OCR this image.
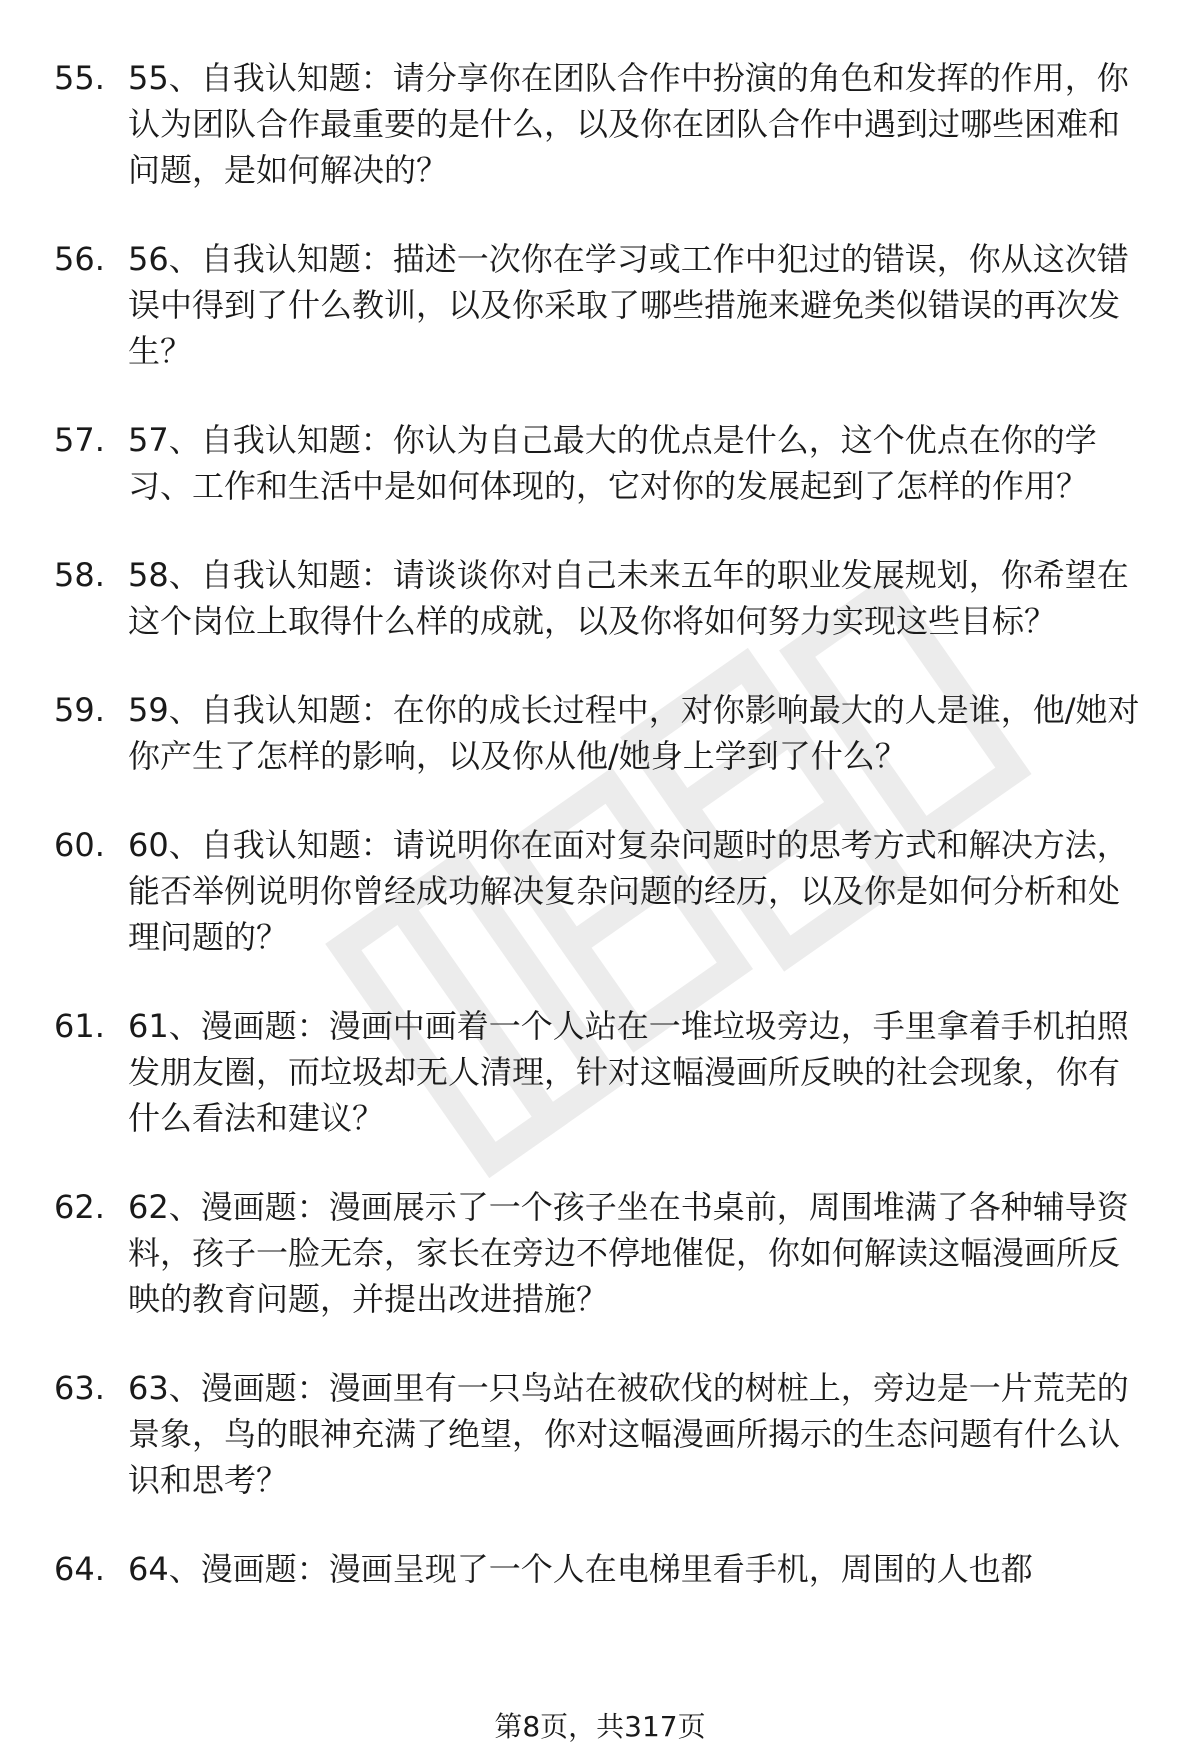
55. 55、自我认知题：请分享你在团队合作中扮演的角色和发挥的作用，你认为团队合作最重要的是什么，以及你在团队合作中遇到过哪些困难和问题，是如何解决的？
56. 56、自我认知题：描述一次你在学习或工作中犯过的错误，你从这次错误中得到了什么教训，以及你采取了哪些措施来避免类似错误的再次发生？
57. 57、自我认知题：你认为自己最大的优点是什么，这个优点在你的学习、工作和生活中是如何体现的，它对你的发展起到了怎样的作用？
58. 58、自我认知题：请谈谈你对自己未来五年的职业发展规划，你希望在这个岗位上取得什么样的成就，以及你将如何努力实现这些目标？
59. 59、自我认知题：在你的成长过程中，对你影响最大的人是谁，他/她对你产生了怎样的影响，以及你从他/她身上学到了什么？
60. 60、自我认知题：请说明你在面对复杂问题时的思考方式和解决方法，能否举例说明你曾经成功解决复杂问题的经历，以及你是如何分析和处理问题的？
61. 61、漫画题：漫画中画着一个人站在一堆垃圾旁边，手里拿着手机拍照发朋友圈，而垃圾却无人清理，针对这幅漫画所反映的社会现象，你有什么看法和建议？
62. 62、漫画题：漫画展示了一个孩子坐在书桌前，周围堆满了各种辅导资料，孩子一脸无奈，家长在旁边不停地催促，你如何解读这幅漫画所反映的教育问题，并提出改进措施？
63. 63、漫画题：漫画里有一只鸟站在被砍伐的树桩上，旁边是一片荒芜的景象，鸟的眼神充满了绝望，你对这幅漫画所揭示的生态问题有什么认识和思考？
64. 64、漫画题：漫画呈现了一个人在电梯里看手机，周围的人也都
第8页，共317页
